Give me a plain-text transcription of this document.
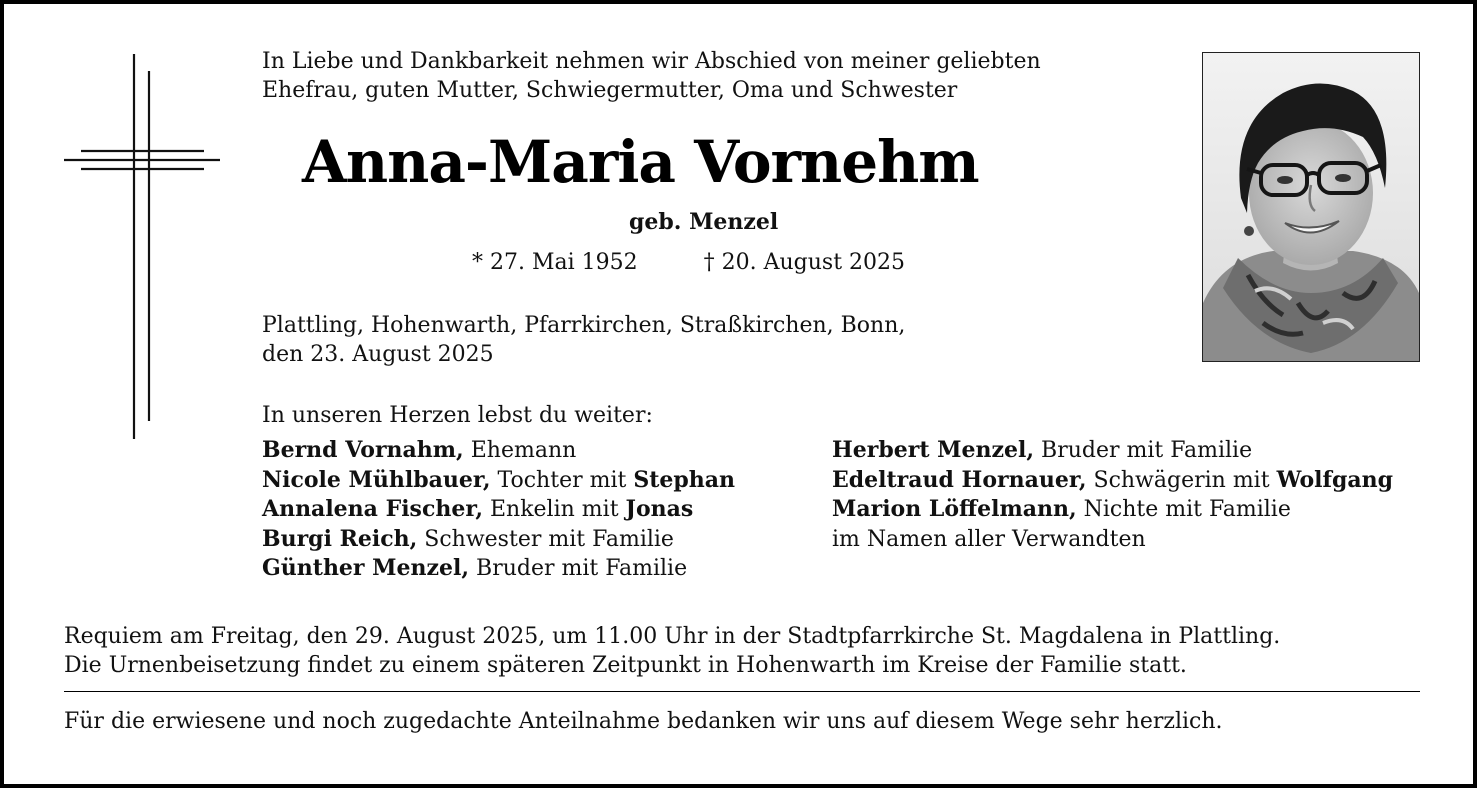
In Liebe und Dankbarkeit nehmen wir Abschied von meiner geliebten
Ehefrau, guten Mutter, Schwiegermutter, Oma und Schwester
Anna-Maria Vornehm
geb. Menzel
* 27. Mai 1952	† 20. August 2025
Plattling, Hohenwarth, Pfarrkirchen, Straßkirchen, Bonn,
den 23. August 2025
In unseren Herzen lebst du weiter:
Bernd Vornahm, Ehemann
Nicole Mühlbauer, Tochter mit Stephan
Annalena Fischer, Enkelin mit Jonas
Burgi Reich, Schwester mit Familie
Günther Menzel, Bruder mit Familie
Herbert Menzel, Bruder mit Familie
Edeltraud Hornauer, Schwägerin mit Wolfgang
Marion Löffelmann, Nichte mit Familie
im Namen aller Verwandten
Requiem am Freitag, den 29. August 2025, um 11.00 Uhr in der Stadtpfarrkirche St. Magdalena in Plattling.
Die Urnenbeisetzung findet zu einem späteren Zeitpunkt in Hohenwarth im Kreise der Familie statt.
Für die erwiesene und noch zugedachte Anteilnahme bedanken wir uns auf diesem Wege sehr herzlich.
